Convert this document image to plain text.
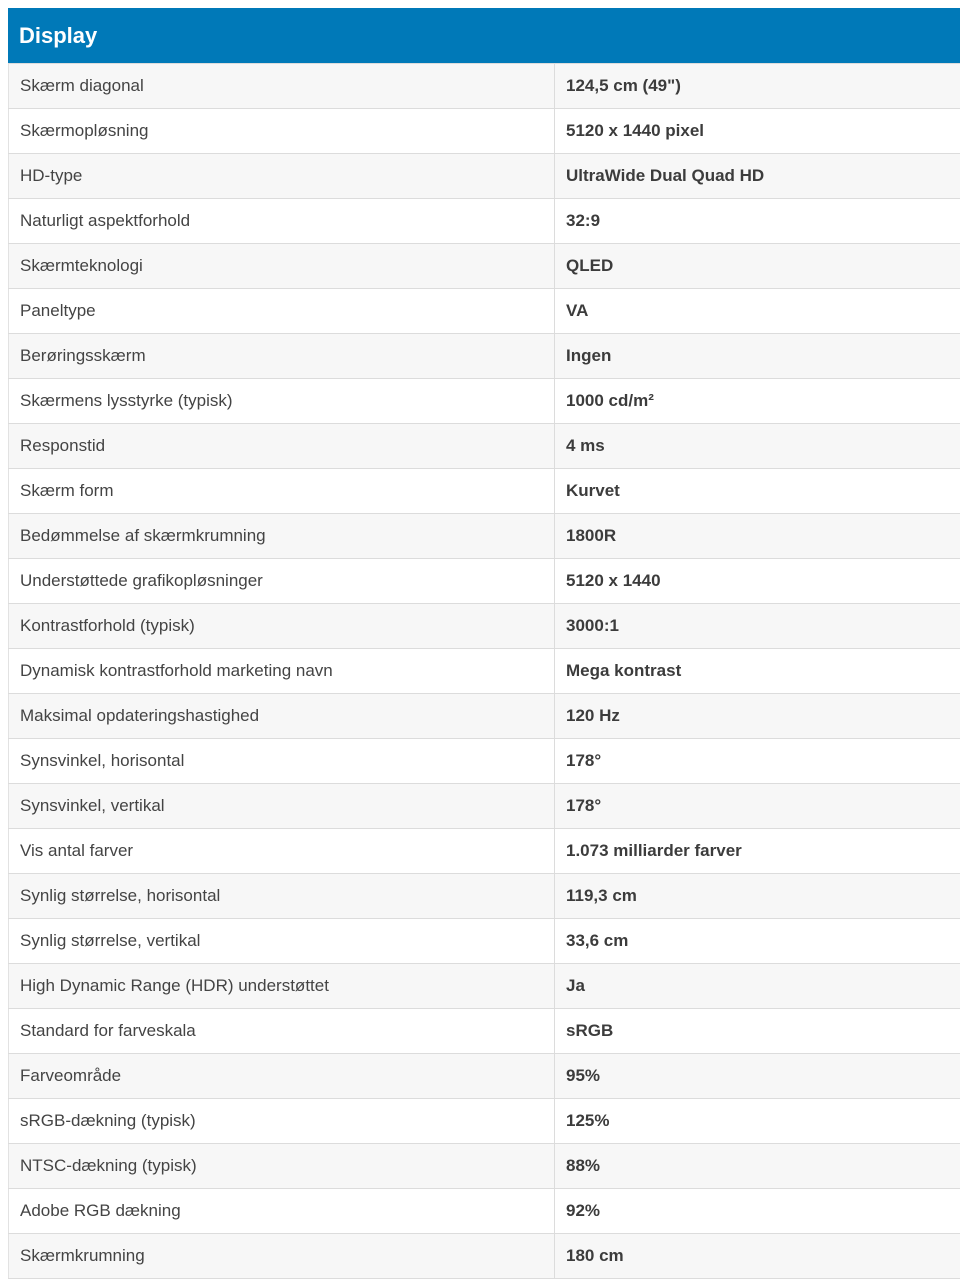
Display
Skærm diagonal	124,5 cm (49")
Skærmopløsning	5120 x 1440 pixel
HD-type	UltraWide Dual Quad HD
Naturligt aspektforhold	32:9
Skærmteknologi	QLED
Paneltype	VA
Berøringsskærm	Ingen
Skærmens lysstyrke (typisk)	1000 cd/m²
Responstid	4 ms
Skærm form	Kurvet
Bedømmelse af skærmkrumning	1800R
Understøttede grafikopløsninger	5120 x 1440
Kontrastforhold (typisk)	3000:1
Dynamisk kontrastforhold marketing navn	Mega kontrast
Maksimal opdateringshastighed	120 Hz
Synsvinkel, horisontal	178°
Synsvinkel, vertikal	178°
Vis antal farver	1.073 milliarder farver
Synlig størrelse, horisontal	119,3 cm
Synlig størrelse, vertikal	33,6 cm
High Dynamic Range (HDR) understøttet	Ja
Standard for farveskala	sRGB
Farveområde	95%
sRGB-dækning (typisk)	125%
NTSC-dækning (typisk)	88%
Adobe RGB dækning	92%
Skærmkrumning	180 cm
